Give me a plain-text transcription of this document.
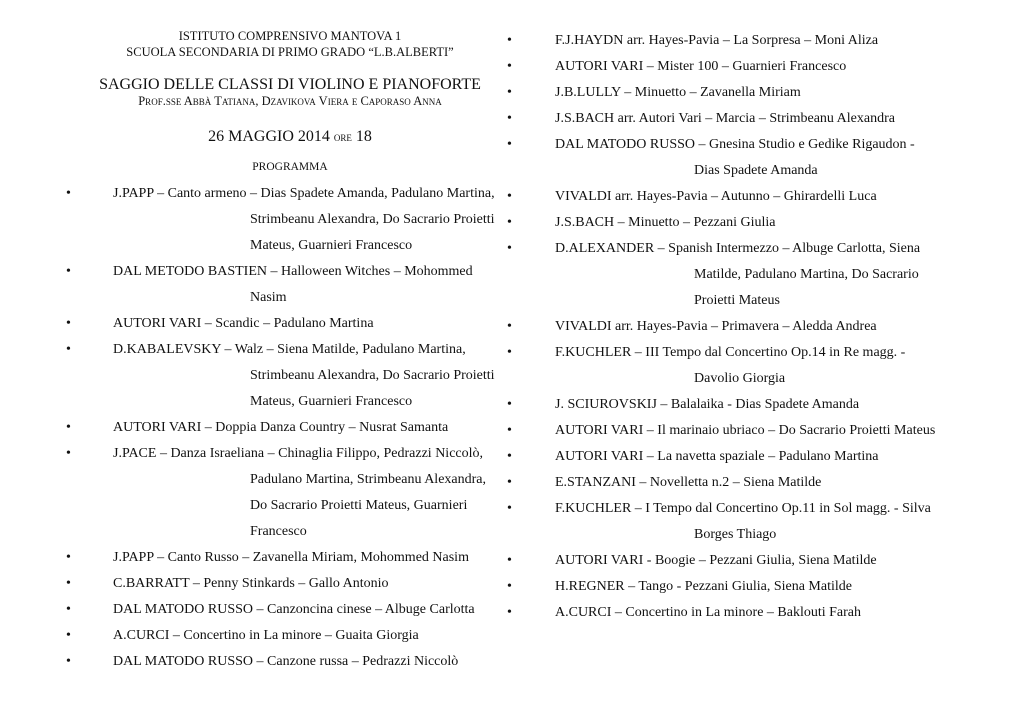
ISTITUTO COMPRENSIVO MANTOVA 1
SCUOLA SECONDARIA DI PRIMO GRADO “L.B.ALBERTI”
SAGGIO DELLE CLASSI DI VIOLINO E PIANOFORTE
Prof.sse Abbà Tatiana, Dzavikova Viera e Caporaso Anna
26 MAGGIO 2014 ore 18
PROGRAMMA
•	J.PAPP – Canto armeno – Dias Spadete Amanda, Padulano Martina,
Strimbeanu Alexandra, Do Sacrario Proietti
Mateus, Guarnieri Francesco
•	DAL METODO BASTIEN – Halloween Witches – Mohommed
Nasim
•	AUTORI VARI – Scandic – Padulano Martina
•	D.KABALEVSKY – Walz – Siena Matilde, Padulano Martina,
Strimbeanu Alexandra, Do Sacrario Proietti
Mateus, Guarnieri Francesco
•	AUTORI VARI – Doppia Danza Country – Nusrat Samanta
•	J.PACE – Danza Israeliana – Chinaglia Filippo, Pedrazzi Niccolò,
Padulano Martina, Strimbeanu Alexandra,
Do Sacrario Proietti Mateus, Guarnieri
Francesco
•	J.PAPP – Canto Russo – Zavanella Miriam, Mohommed Nasim
•	C.BARRATT – Penny Stinkards – Gallo Antonio
•	DAL MATODO RUSSO – Canzoncina cinese – Albuge Carlotta
•	A.CURCI – Concertino in La minore – Guaita Giorgia
•	DAL MATODO RUSSO – Canzone russa – Pedrazzi Niccolò
•	F.J.HAYDN arr. Hayes-Pavia – La Sorpresa – Moni Aliza
•	AUTORI VARI – Mister 100 – Guarnieri Francesco
•	J.B.LULLY – Minuetto – Zavanella Miriam
•	J.S.BACH arr. Autori Vari – Marcia – Strimbeanu Alexandra
•	DAL MATODO RUSSO – Gnesina Studio e Gedike Rigaudon -
Dias Spadete Amanda
•	VIVALDI arr. Hayes-Pavia – Autunno – Ghirardelli Luca
•	J.S.BACH – Minuetto – Pezzani Giulia
•	D.ALEXANDER – Spanish Intermezzo – Albuge Carlotta, Siena
Matilde, Padulano Martina, Do Sacrario
Proietti Mateus
•	VIVALDI arr. Hayes-Pavia – Primavera – Aledda Andrea
•	F.KUCHLER – III Tempo dal Concertino Op.14 in Re magg. -
Davolio Giorgia
•	J. SCIUROVSKIJ – Balalaika - Dias Spadete Amanda
•	AUTORI VARI – Il marinaio ubriaco – Do Sacrario Proietti Mateus
•	AUTORI VARI – La navetta spaziale – Padulano Martina
•	E.STANZANI – Novelletta n.2 – Siena Matilde
•	F.KUCHLER – I Tempo dal Concertino Op.11 in Sol magg. - Silva
Borges Thiago
•	AUTORI VARI - Boogie – Pezzani Giulia, Siena Matilde
•	H.REGNER – Tango - Pezzani Giulia, Siena Matilde
•	A.CURCI – Concertino in La minore – Baklouti Farah
